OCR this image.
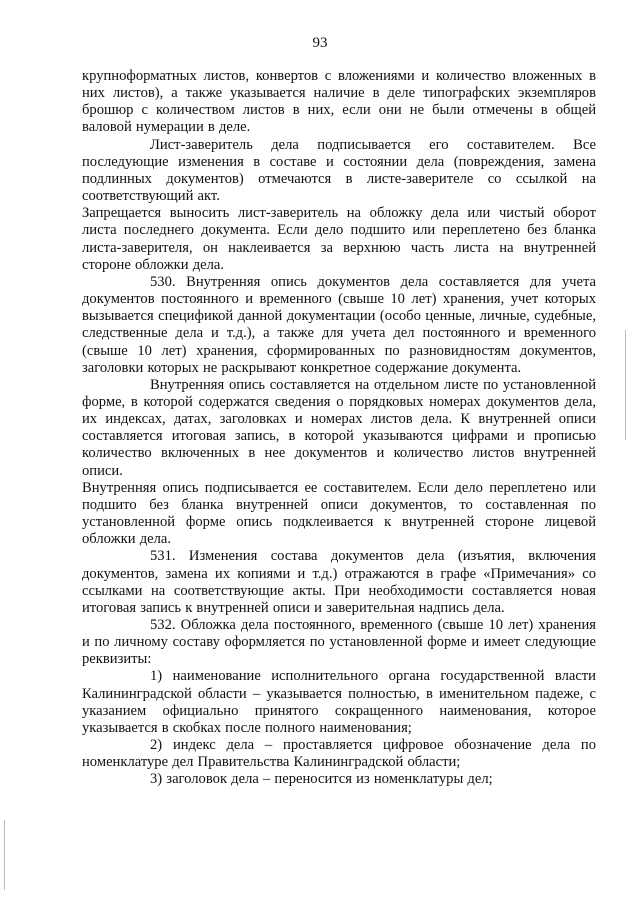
93

крупноформатных листов, конвертов с вложениями и количество вложенных в них листов), а также указывается наличие в деле типографских экземпляров брошюр с количеством листов в них, если они не были отмечены в общей валовой нумерации в деле.

Лист-заверитель дела подписывается его составителем. Все последующие изменения в составе и состоянии дела (повреждения, замена подлинных документов) отмечаются в листе-заверителе со ссылкой на соответствующий акт.

Запрещается выносить лист-заверитель на обложку дела или чистый оборот листа последнего документа. Если дело подшито или переплетено без бланка листа-заверителя, он наклеивается за верхнюю часть листа на внутренней стороне обложки дела.

530. Внутренняя опись документов дела составляется для учета документов постоянного и временного (свыше 10 лет) хранения, учет которых вызывается спецификой данной документации (особо ценные, личные, судебные, следственные дела и т.д.), а также для учета дел постоянного и временного (свыше 10 лет) хранения, сформированных по разновидностям документов, заголовки которых не раскрывают конкретное содержание документа.

Внутренняя опись составляется на отдельном листе по установленной форме, в которой содержатся сведения о порядковых номерах документов дела, их индексах, датах, заголовках и номерах листов дела. К внутренней описи составляется итоговая запись, в которой указываются цифрами и прописью количество включенных в нее документов и количество листов внутренней описи.

Внутренняя опись подписывается ее составителем. Если дело переплетено или подшито без бланка внутренней описи документов, то составленная по установленной форме опись подклеивается к внутренней стороне лицевой обложки дела.

531. Изменения состава документов дела (изъятия, включения документов, замена их копиями и т.д.) отражаются в графе «Примечания» со ссылками на соответствующие акты. При необходимости составляется новая итоговая запись к внутренней описи и заверительная надпись дела.

532. Обложка дела постоянного, временного (свыше 10 лет) хранения и по личному составу оформляется по установленной форме и имеет следующие реквизиты:

1) наименование исполнительного органа государственной власти Калининградской области – указывается полностью, в именительном падеже, с указанием официально принятого сокращенного наименования, которое указывается в скобках после полного наименования;

2) индекс дела – проставляется цифровое обозначение дела по номенклатуре дел Правительства Калининградской области;

3) заголовок дела – переносится из номенклатуры дел;
